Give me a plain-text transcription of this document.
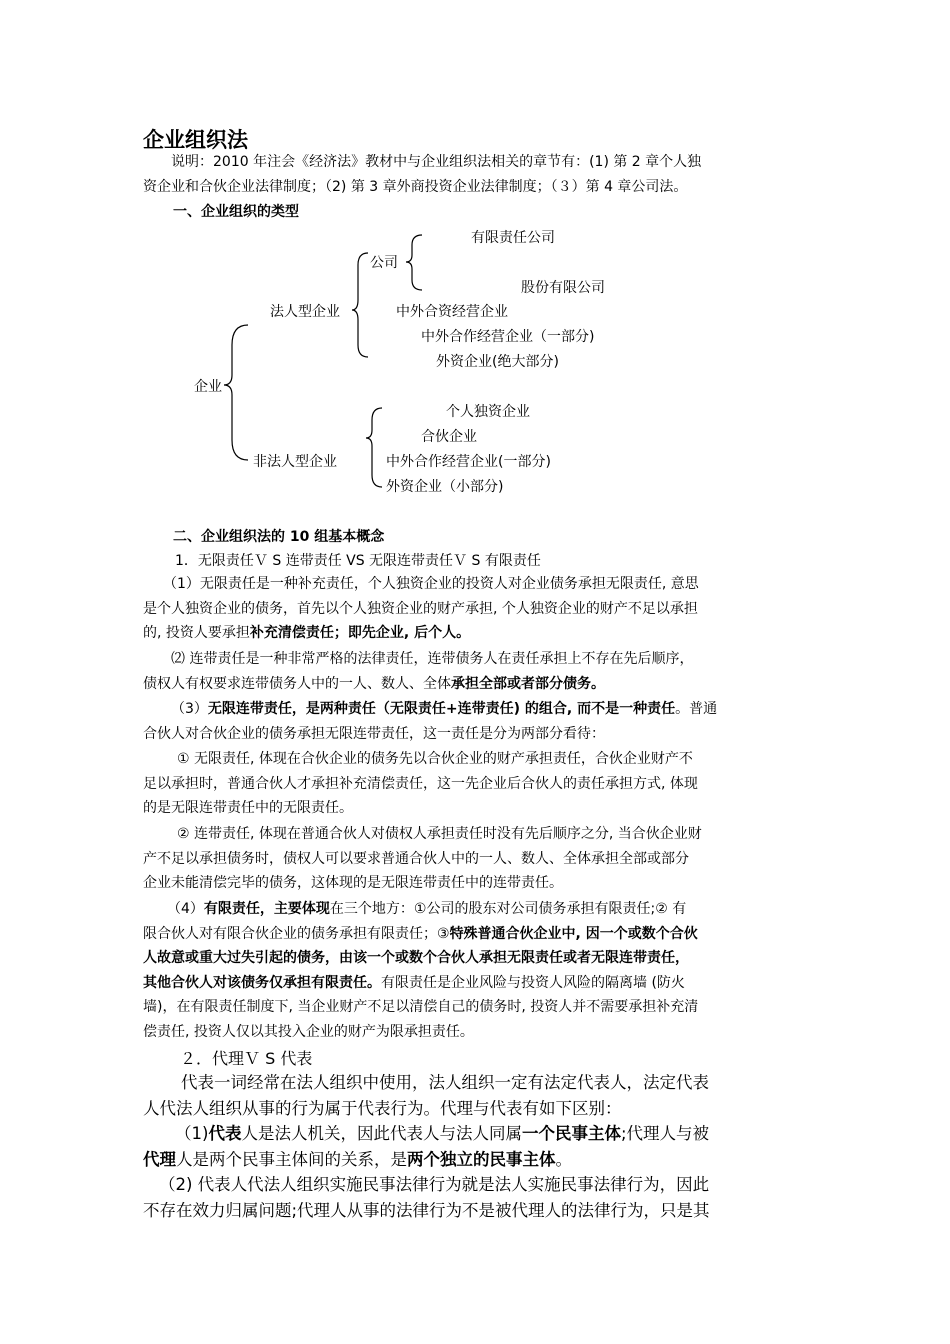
企业组织法
说明：2010 年注会《经济法》教材中与企业组织法相关的章节有：(1) 第 2 章个人独
资企业和合伙企业法律制度；（2) 第 3 章外商投资企业法律制度；（３）第 4 章公司法。
一、企业组织的类型
企业
法人型企业
公司
有限责任公司
股份有限公司
中外合资经营企业
中外合作经营企业（一部分)
外资企业(绝大部分)
非法人型企业
个人独资企业
合伙企业
中外合作经营企业(一部分)
外资企业（小部分)
二、企业组织法的 10 组基本概念
1．无限责任Ｖ S 连带责任 VS 无限连带责任Ｖ S 有限责任
（1）无限责任是一种补充责任，个人独资企业的投资人对企业债务承担无限责任, 意思
是个人独资企业的债务，首先以个人独资企业的财产承担, 个人独资企业的财产不足以承担
的, 投资人要承担补充清偿责任；即先企业, 后个人。
⑵ 连带责任是一种非常严格的法律责任，连带债务人在责任承担上不存在先后顺序，
债权人有权要求连带债务人中的一人、数人、全体承担全部或者部分债务。
（3）无限连带责任，是两种责任（无限责任+连带责任) 的组合, 而不是一种责任。普通
合伙人对合伙企业的债务承担无限连带责任，这一责任是分为两部分看待：
① 无限责任, 体现在合伙企业的债务先以合伙企业的财产承担责任，合伙企业财产不
足以承担时，普通合伙人才承担补充清偿责任，这一先企业后合伙人的责任承担方式, 体现
的是无限连带责任中的无限责任。
② 连带责任, 体现在普通合伙人对债权人承担责任时没有先后顺序之分, 当合伙企业财
产不足以承担债务时，债权人可以要求普通合伙人中的一人、数人、全体承担全部或部分
企业未能清偿完毕的债务，这体现的是无限连带责任中的连带责任。
（4）有限责任，主要体现在三个地方：①公司的股东对公司债务承担有限责任;② 有
限合伙人对有限合伙企业的债务承担有限责任；③特殊普通合伙企业中, 因一个或数个合伙
人故意或重大过失引起的债务，由该一个或数个合伙人承担无限责任或者无限连带责任，
其他合伙人对该债务仅承担有限责任。有限责任是企业风险与投资人风险的隔离墙 (防火
墙)，在有限责任制度下, 当企业财产不足以清偿自己的债务时, 投资人并不需要承担补充清
偿责任, 投资人仅以其投入企业的财产为限承担责任。
２．代理Ｖ S 代表
代表一词经常在法人组织中使用，法人组织一定有法定代表人，法定代表
人代法人组织从事的行为属于代表行为。代理与代表有如下区别：
（1)代表人是法人机关，因此代表人与法人同属一个民事主体;代理人与被
代理人是两个民事主体间的关系，是两个独立的民事主体。
（2) 代表人代法人组织实施民事法律行为就是法人实施民事法律行为，因此
不存在效力归属问题;代理人从事的法律行为不是被代理人的法律行为，只是其
